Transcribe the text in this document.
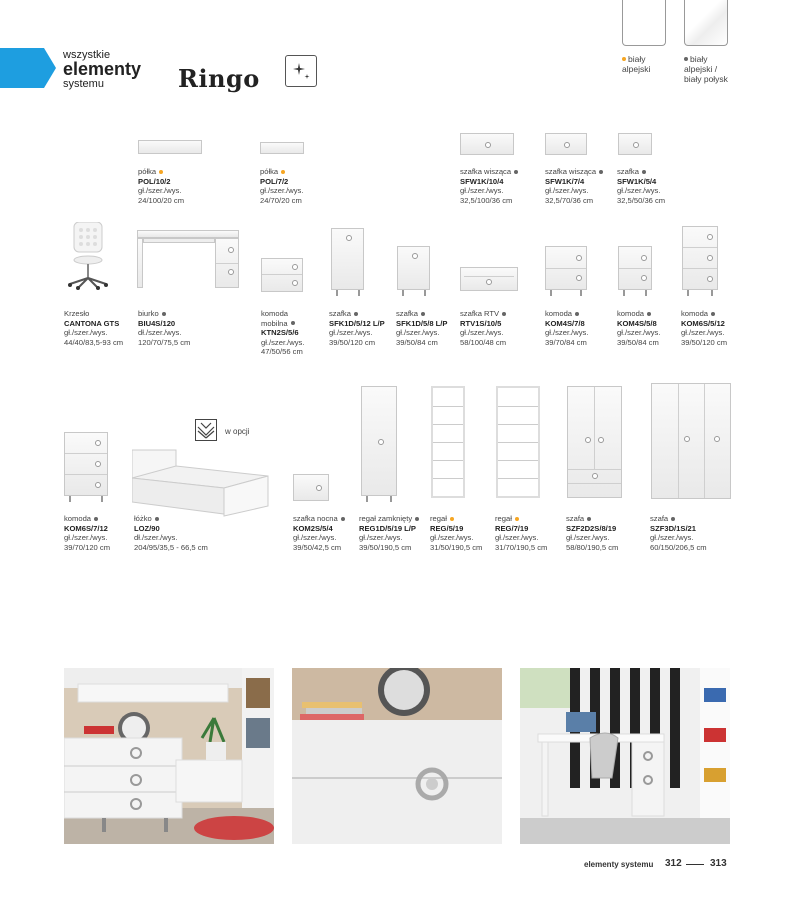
wszystkie
elementy
systemu	Ringo
biały alpejski
biały
alpejski /
biały połysk
półka
POL/10/2
gł./szer./wys.
24/100/20 cm
półka
POL/7/2
gł./szer./wys.
24/70/20 cm
szafka wisząca
SFW1K/10/4
gł./szer./wys.
32,5/100/36 cm
szafka wisząca
SFW1K/7/4
gł./szer./wys.
32,5/70/36 cm
szafka
SFW1K/5/4
gł./szer./wys.
32,5/50/36 cm
Krzesło
CANTONA GTS
gł./szer./wys.
44/40/83,5-93 cm
biurko
BIU4S/120
dł./szer./wys.
120/70/75,5 cm
komoda
mobilna
KTN2S/5/6
gł./szer./wys.
47/50/56 cm
szafka
SFK1D/5/12 L/P
gł./szer./wys.
39/50/120 cm
szafka
SFK1D/5/8 L/P
gł./szer./wys.
39/50/84 cm
szafka RTV
RTV1S/10/5
gł./szer./wys.
58/100/48 cm
komoda
KOM4S/7/8
gł./szer./wys.
39/70/84 cm
komoda
KOM4S/5/8
gł./szer./wys.
39/50/84 cm
komoda
KOM6S/5/12
gł./szer./wys.
39/50/120 cm
w opcji
komoda
KOM6S/7/12
gł./szer./wys.
39/70/120 cm
łóżko
LOZ/90
dł./szer./wys.
204/95/35,5 - 66,5 cm
szafka nocna
KOM2S/5/4
gł./szer./wys.
39/50/42,5 cm
regał zamknięty
REG1D/5/19 L/P
gł./szer./wys.
39/50/190,5 cm
regał
REG/5/19
gł./szer./wys.
31/50/190,5 cm
regał
REG/7/19
gł./szer./wys.
31/70/190,5 cm
szafa
SZF2D2S/8/19
gł./szer./wys.
58/80/190,5 cm
szafa
SZF3D/1S/21
gł./szer./wys.
60/150/206,5 cm
elementy systemu 312	313
